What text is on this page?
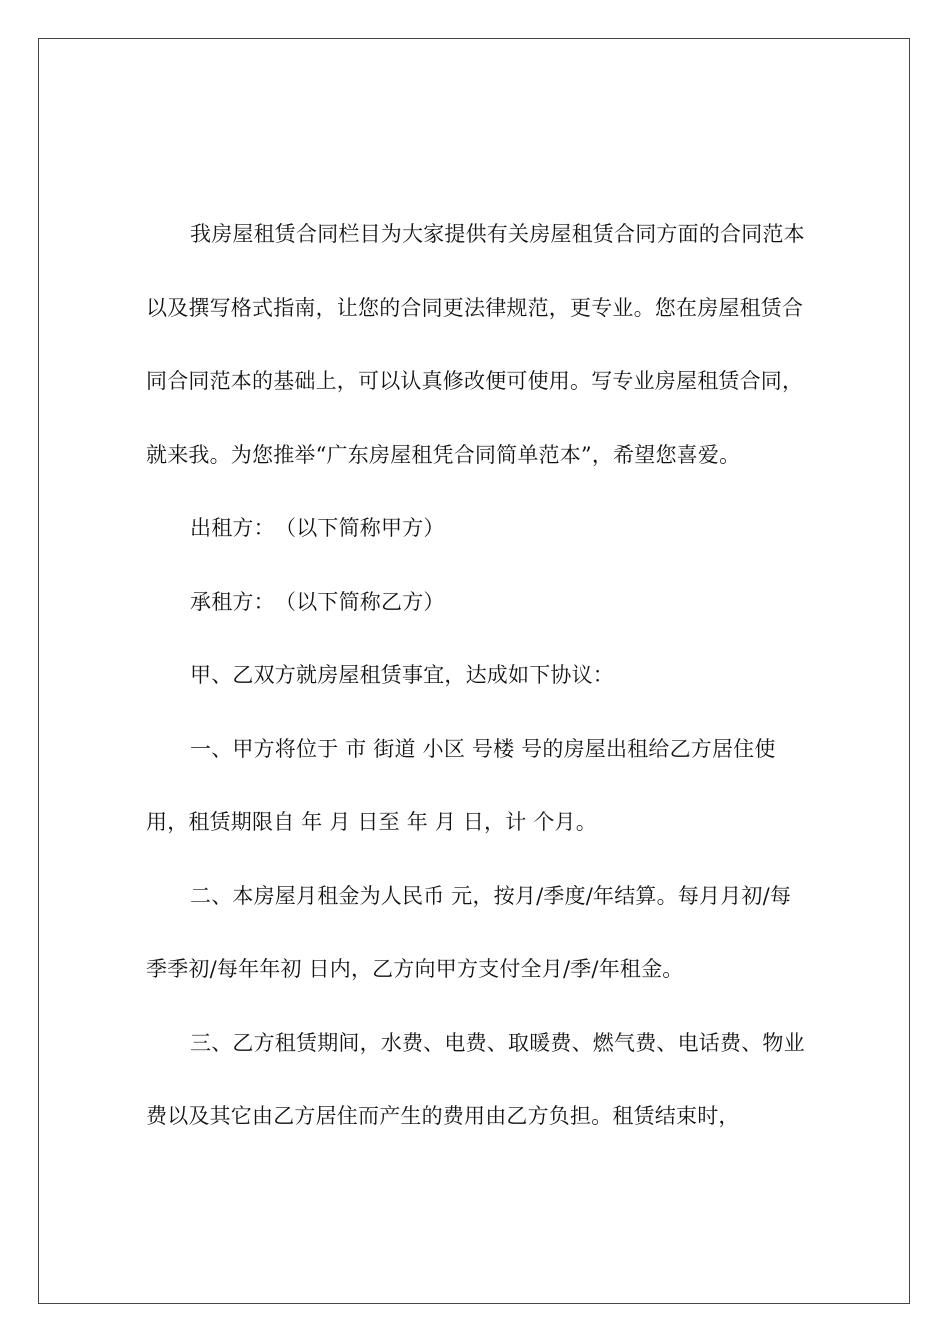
我房屋租赁合同栏目为大家提供有关房屋租赁合同方面的合同范本以及撰写格式指南，让您的合同更法律规范，更专业。您在房屋租赁合同合同范本的基础上，可以认真修改便可使用。写专业房屋租赁合同，就来我。为您推举“广东房屋租凭合同简单范本”，希望您喜爱。

出租方：　（以下简称甲方）

承租方：　（以下简称乙方）

甲、乙双方就房屋租赁事宜，达成如下协议：

一、甲方将位于 市 街道 小区 号楼 号的房屋出租给乙方居住使用，租赁期限自 年 月 日至 年 月 日，计 个月。

二、本房屋月租金为人民币 元，按月/季度/年结算。每月月初/每季季初/每年年初 日内，乙方向甲方支付全月/季/年租金。

三、乙方租赁期间，水费、电费、取暖费、燃气费、电话费、物业费以及其它由乙方居住而产生的费用由乙方负担。租赁结束时，
